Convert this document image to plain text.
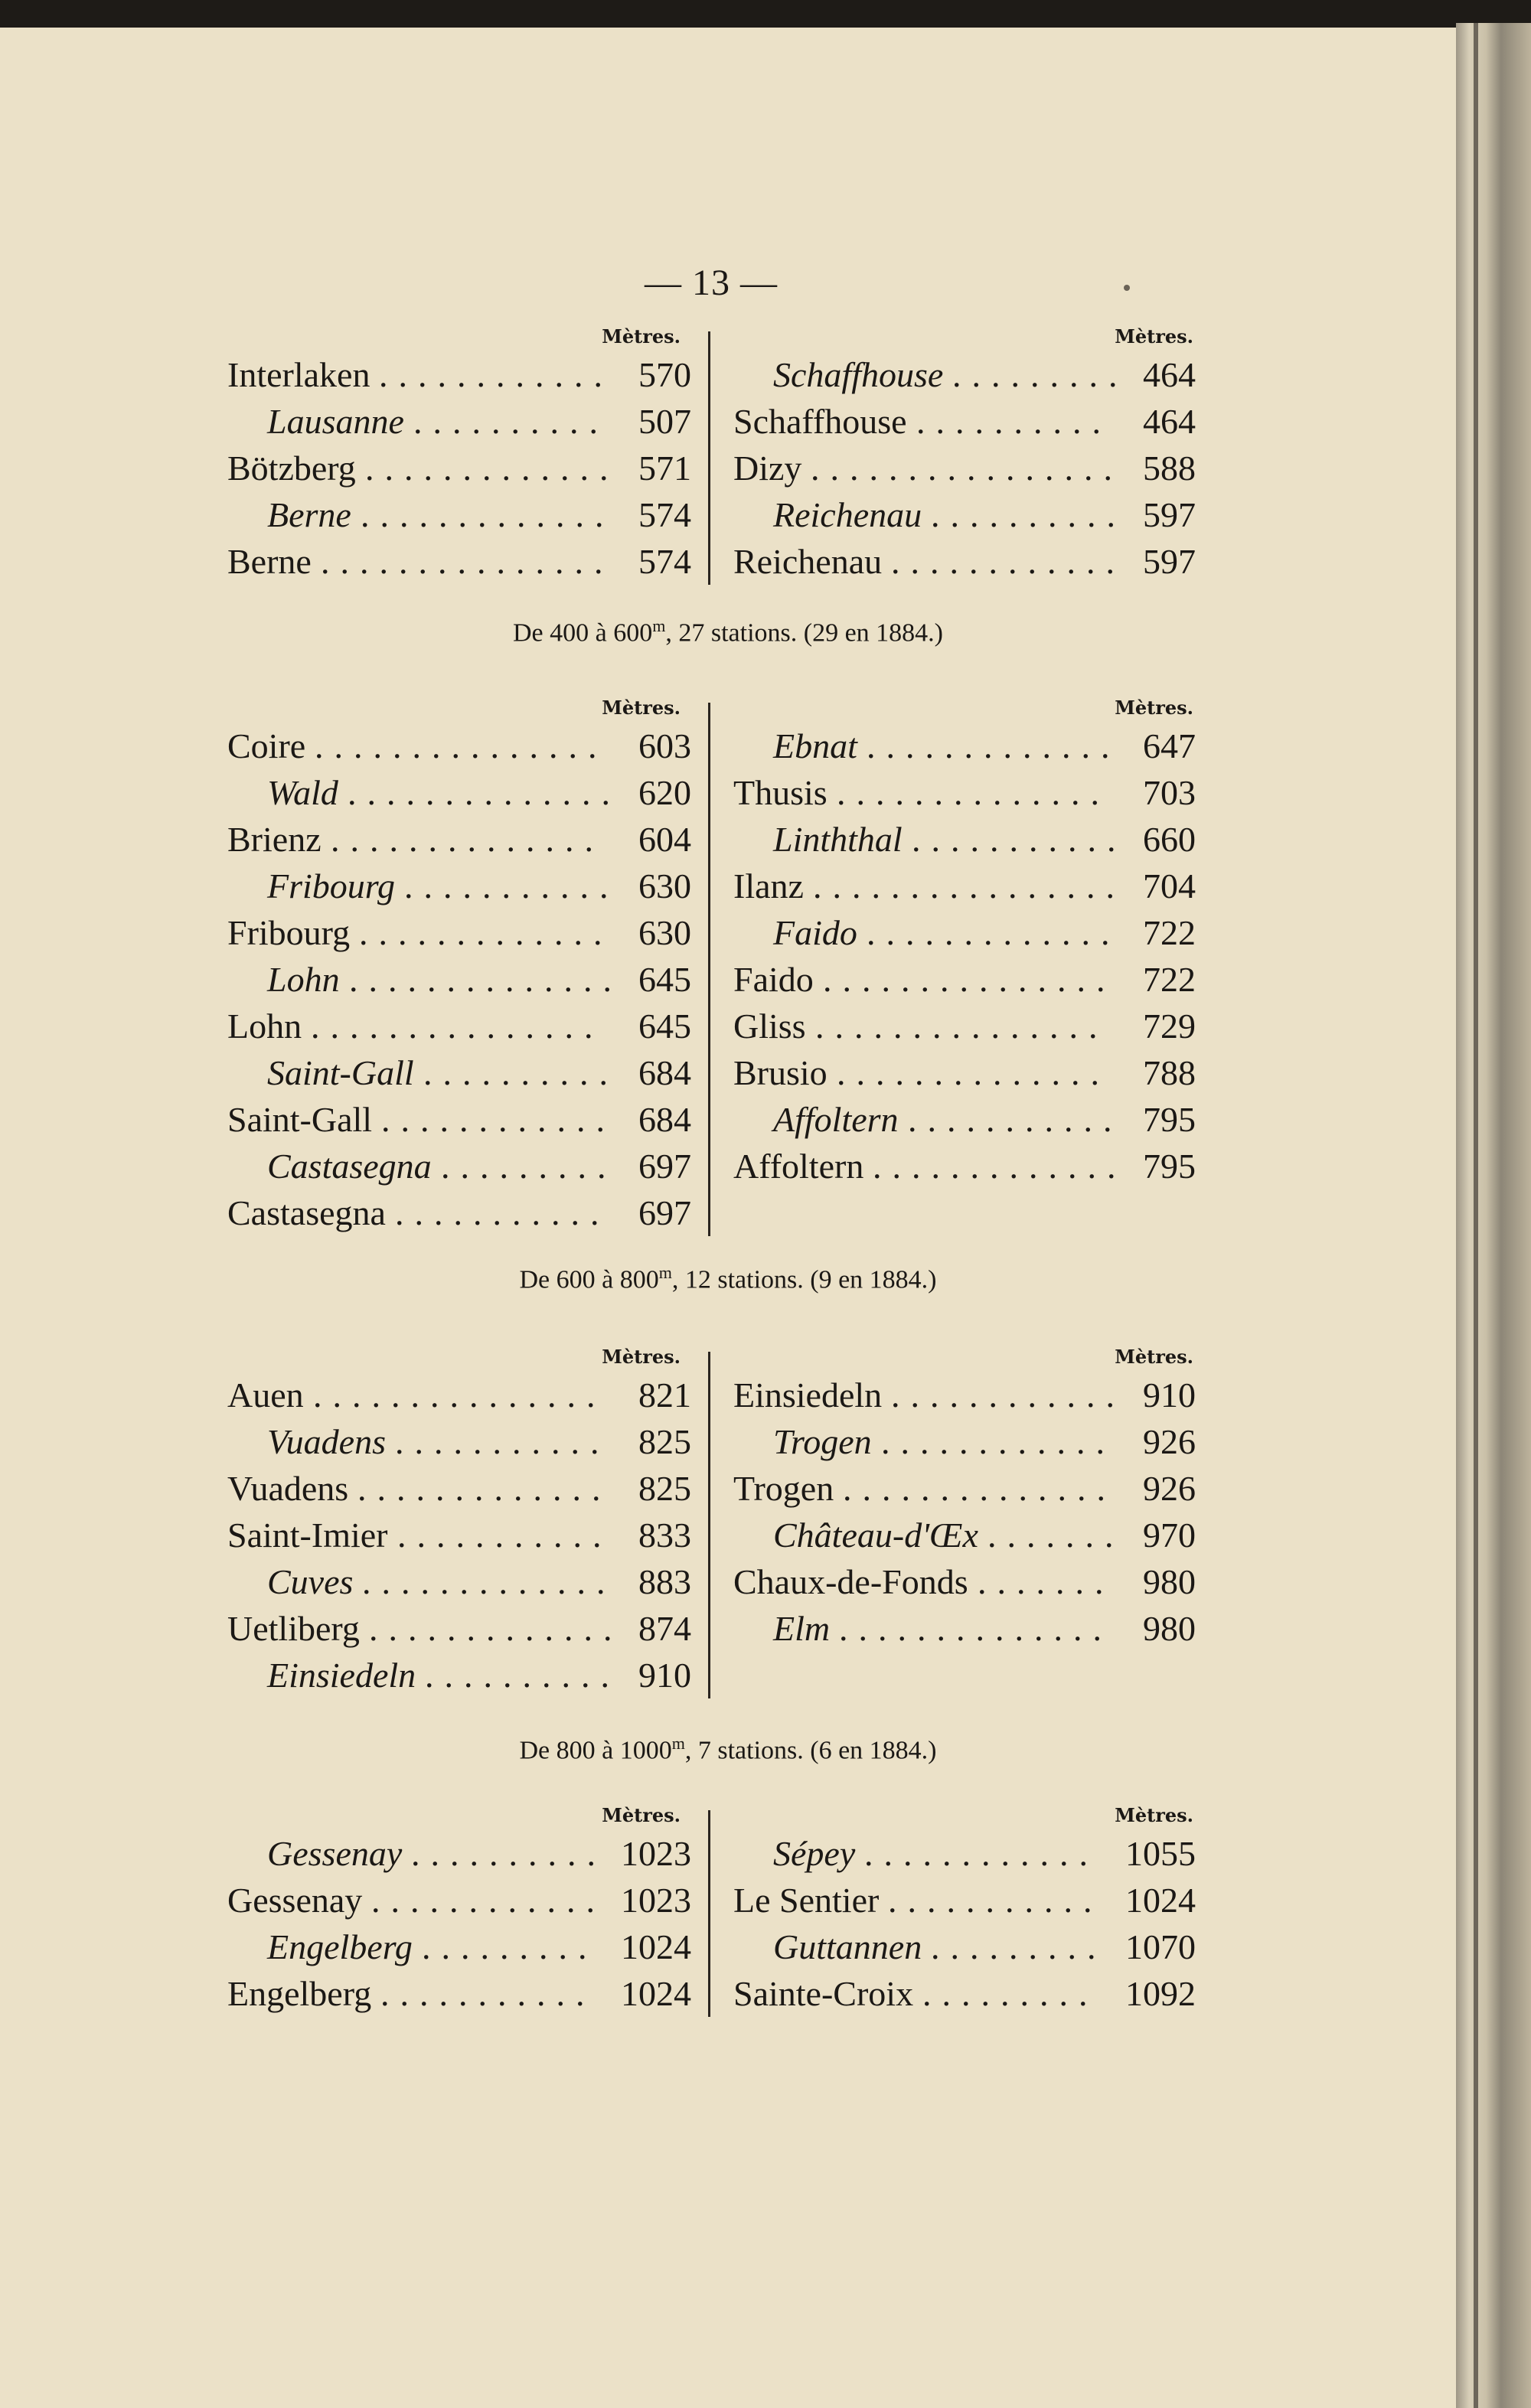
— 13 —
Mètres.
Interlaken	570
............
Lausanne	507
..........
Bötzberg	571
.............
Berne	574
.............
Berne	574
...............
Mètres.
Schaffhouse	464
.........
Schaffhouse	464
..........
Dizy	588
................
Reichenau	597
..........
Reichenau	597
............
De 400 à 600$^m$, 27 stations. (29 en 1884.)
Mètres.
Coire	603
...............
Wald	620
..............
Brienz	604
..............
Fribourg	630
...........
Fribourg	630
.............
Lohn	645
..............
Lohn	645
...............
Saint-Gall	684
..........
Saint-Gall	684
............
Castasegna	697
.........
Castasegna	697
...........
Mètres.
Ebnat	647
.............
Thusis	703
..............
Linththal	660
...........
Ilanz	704
................
Faido	722
.............
Faido	722
...............
Gliss	729
...............
Brusio	788
..............
Affoltern	795
...........
Affoltern	795
.............
De 600 à 800$^m$, 12 stations. (9 en 1884.)
Mètres.
Auen	821
...............
Vuadens	825
...........
Vuadens	825
.............
Saint-Imier	833
...........
Cuves	883
.............
Uetliberg	874
.............
Einsiedeln	910
..........
Mètres.
Einsiedeln	910
............
Trogen	926
............
Trogen	926
..............
Château-d'Œx	970
.......
Chaux-de-Fonds	980
.......
Elm	980
..............
De 800 à 1000$^m$, 7 stations. (6 en 1884.)
Mètres.
Gessenay	1023
..........
Gessenay	1023
............
Engelberg	1024
.........
Engelberg	1024
...........
Mètres.
Sépey	1055
............
Le Sentier	1024
...........
Guttannen	1070
.........
Sainte-Croix	1092
.........
